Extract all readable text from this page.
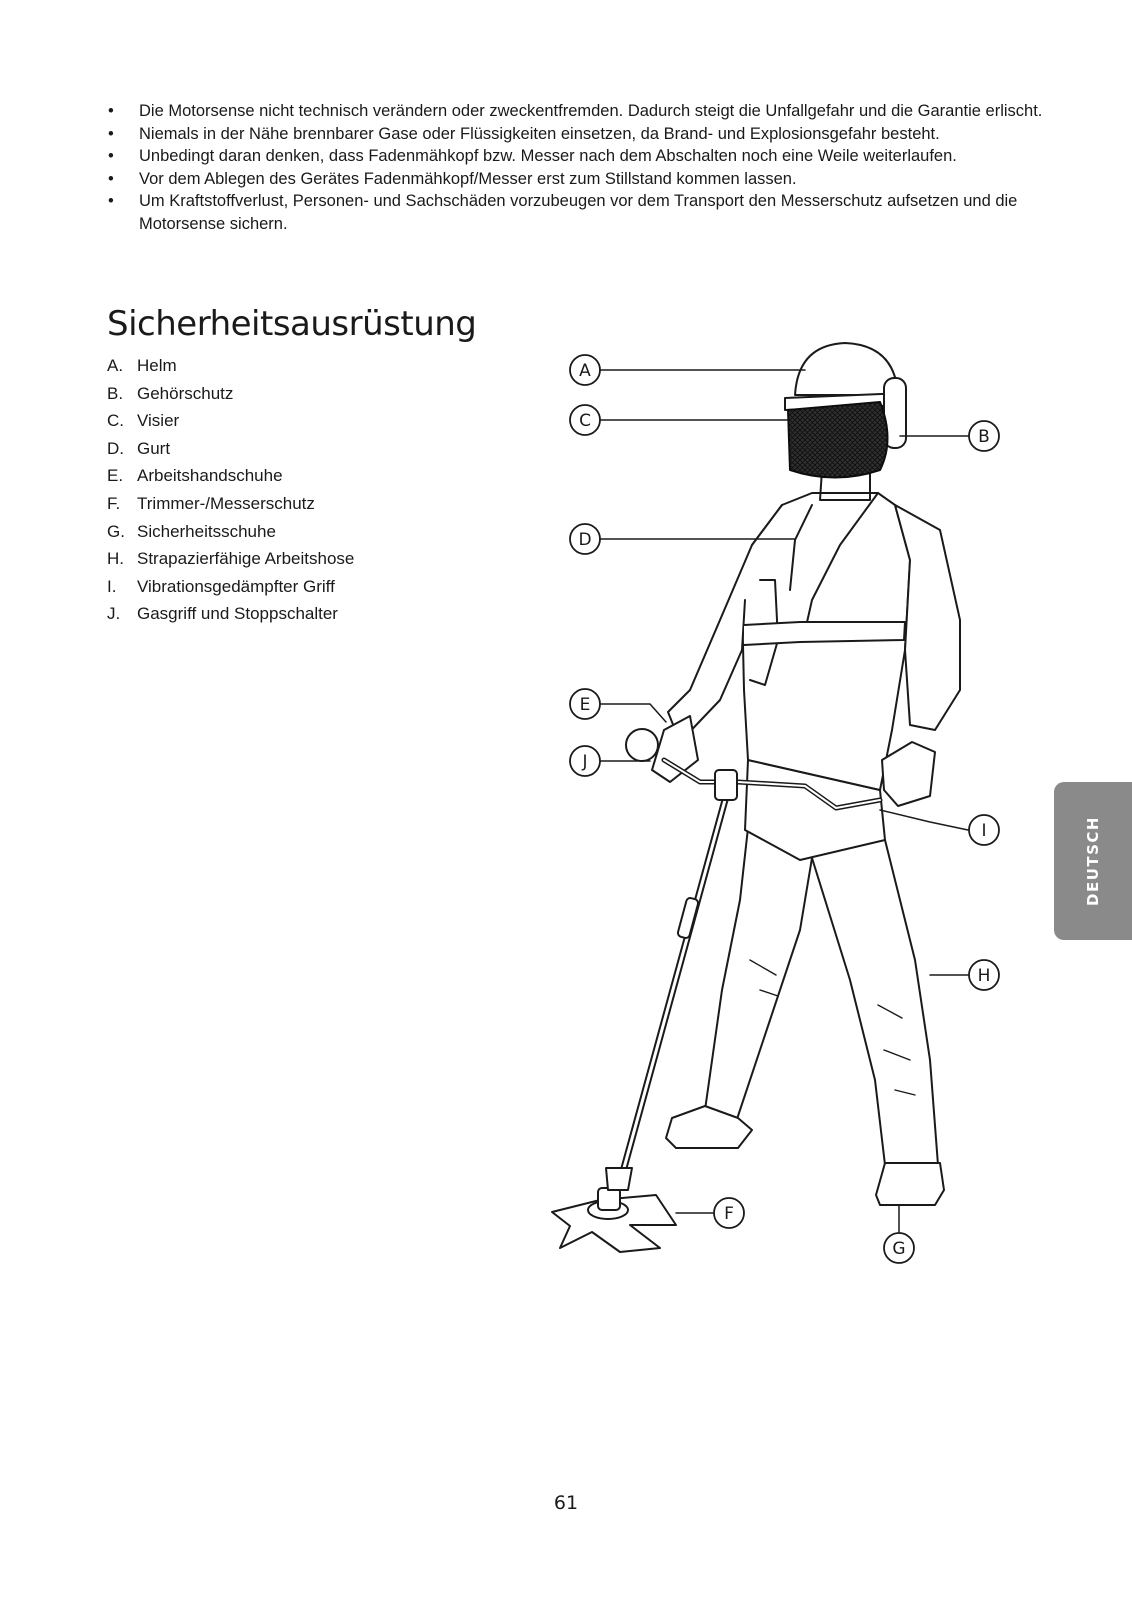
• Die Motorsense nicht technisch verändern oder zweckentfremden. Dadurch steigt die Unfallgefahr und die Garantie erlischt.
• Niemals in der Nähe brennbarer Gase oder Flüssigkeiten einsetzen, da Brand- und Explosionsgefahr besteht.
• Unbedingt daran denken, dass Fadenmähkopf bzw. Messer nach dem Abschalten noch eine Weile weiterlaufen.
• Vor dem Ablegen des Gerätes Fadenmähkopf/Messer erst zum Stillstand kommen lassen.
• Um Kraftstoffverlust, Personen- und Sachschäden vorzubeugen vor dem Transport den Messerschutz aufsetzen und die Motorsense sichern.
Sicherheitsausrüstung
A. Helm
B. Gehörschutz
C. Visier
D. Gurt
E. Arbeitshandschuhe
F. Trimmer-/Messerschutz
G. Sicherheitsschuhe
H. Strapazierfähige Arbeitshose
I. Vibrationsgedämpfter Griff
J. Gasgriff und Stoppschalter
A
C
B
D
E
J
I
H
F
G
DEUTSCH
61
